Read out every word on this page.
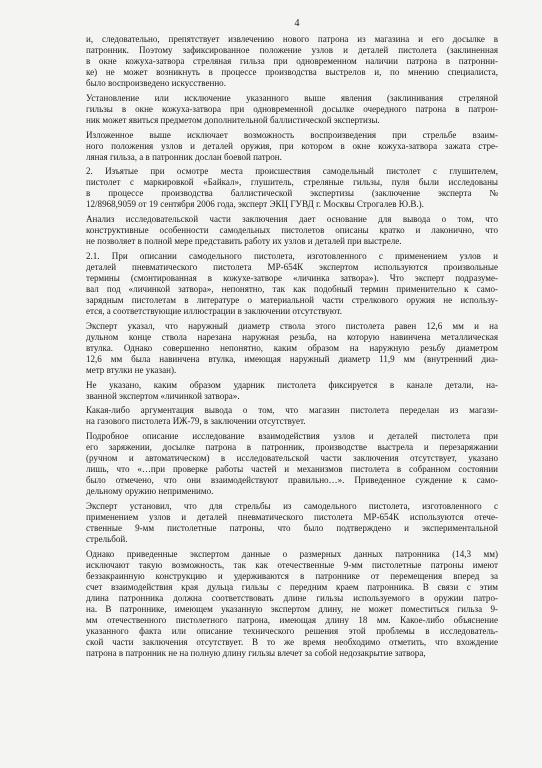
4
и, следовательно, препятствует извлечению нового патрона из магазина и его досылке в
патронник. Поэтому зафиксированное положение узлов и деталей пистолета (заклиненная
в окне кожуха-затвора стреляная гильза при одновременном наличии патрона в патронни-
ке) не может возникнуть в процессе производства выстрелов и, по мнению специалиста,
было воспроизведено искусственно.
Установление или исключение указанного выше явления (заклинивания стреляной
гильзы в окне кожуха-затвора при одновременной досылке очередного патрона в патрон-
ник может явиться предметом дополнительной баллистической экспертизы.
Изложенное выше исключает возможность воспроизведения при стрельбе взаим-
ного положения узлов и деталей оружия, при котором в окне кожуха-затвора зажата стре-
ляная гильза, а в патронник дослан боевой патрон.
2. Изъятые при осмотре места происшествия самодельный пистолет с глушителем,
пистолет с маркировкой «Байкал», глушитель, стреляные гильзы, пуля были исследованы
в процессе производства баллистической экспертизы (заключение эксперта №
12/8968,9059 от 19 сентября 2006 года, эксперт ЭКЦ ГУВД г. Москвы Строгалев Ю.В.).
Анализ исследовательской части заключения дает основание для вывода о том, что
конструктивные особенности самодельных пистолетов описаны кратко и лаконично, что
не позволяет в полной мере представить работу их узлов и деталей при выстреле.
2.1. При описании самодельного пистолета, изготовленного с применением узлов и
деталей пневматического пистолета МР-654К экспертом используются произвольные
термины (смонтированная в кожухе-затворе «личинка затвора»). Что эксперт подразуме-
вал под «личинкой затвора», непонятно, так как подобный термин применительно к само-
зарядным пистолетам в литературе о материальной части стрелкового оружия не использу-
ется, а соответствующие иллюстрации в заключении отсутствуют.
Эксперт указал, что наружный диаметр ствола этого пистолета равен 12,6 мм и на
дульном конце ствола нарезана наружная резьба, на которую навинчена металлическая
втулка. Однако совершенно непонятно, каким образом на наружную резьбу диаметром
12,6 мм была навинчена втулка, имеющая наружный диаметр 11,9 мм (внутренний диа-
метр втулки не указан).
Не указано, каким образом ударник пистолета фиксируется в канале детали, на-
званной экспертом «личинкой затвора».
Какая-либо аргументация вывода о том, что магазин пистолета переделан из магази-
на газового пистолета ИЖ-79, в заключении отсутствует.
Подробное описание исследование взаимодействия узлов и деталей пистолета при
его заряжении, досылке патрона в патронник, производстве выстрела и перезаряжании
(ручном и автоматическом) в исследовательской части заключения отсутствует, указано
лишь, что «…при проверке работы частей и механизмов пистолета в собранном состоянии
было отмечено, что они взаимодействуют правильно…». Приведенное суждение к само-
дельному оружию неприменимо.
Эксперт установил, что для стрельбы из самодельного пистолета, изготовленного с
применением узлов и деталей пневматического пистолета МР-654К используются отече-
ственные 9-мм пистолетные патроны, что было подтверждено и экспериментальной
стрельбой.
Однако приведенные экспертом данные о размерных данных патронника (14,3 мм)
исключают такую возможность, так как отечественные 9-мм пистолетные патроны имеют
беззакраинную конструкцию и удерживаются в патроннике от перемещения вперед за
счет взаимодействия края дульца гильзы с передним краем патронника. В связи с этим
длина патронника должна соответствовать длине гильзы используемого в оружии патро-
на. В патроннике, имеющем указанную экспертом длину, не может поместиться гильза 9-
мм отечественного пистолетного патрона, имеющая длину 18 мм. Какое-либо объяснение
указанного факта или описание технического решения этой проблемы в исследователь-
ской части заключения отсутствует. В то же время необходимо отметить, что вхождение
патрона в патронник не на полную длину гильзы влечет за собой недозакрытие затвора,
